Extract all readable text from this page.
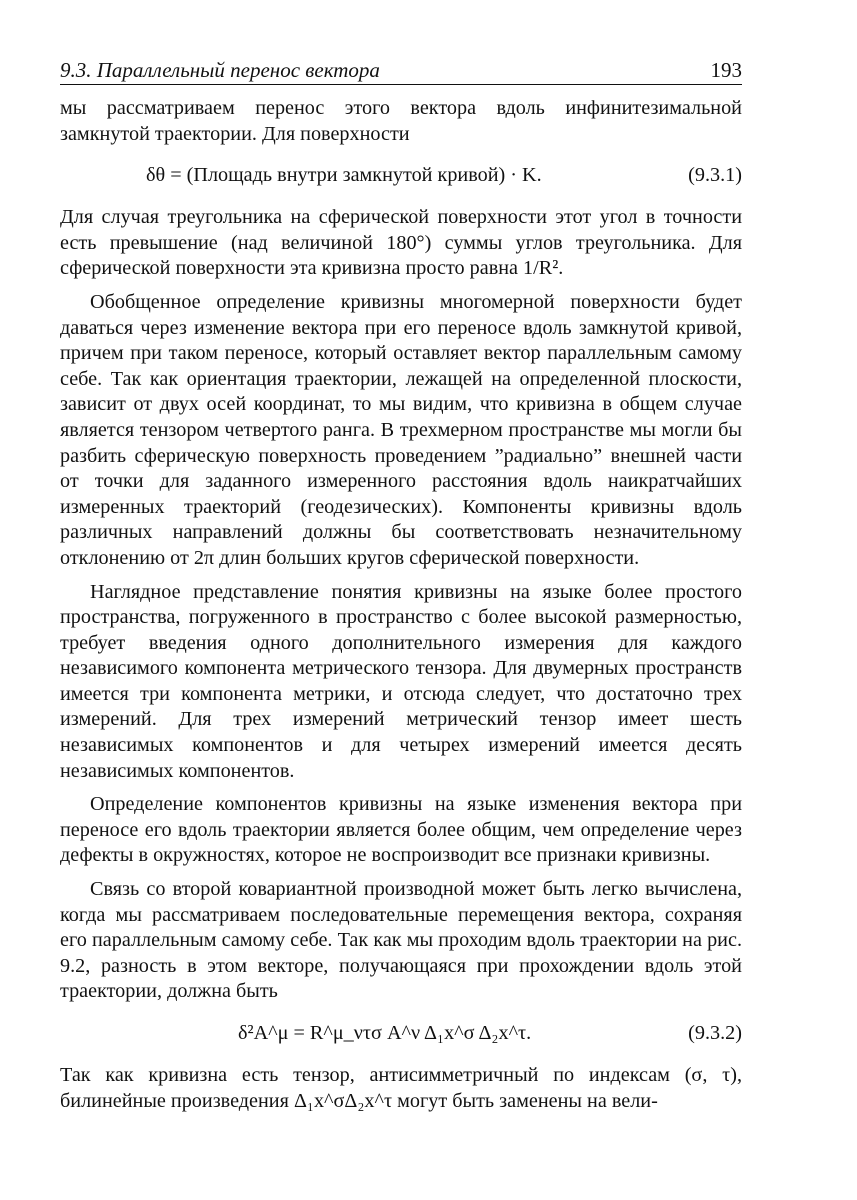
9.3. Параллельный перенос вектора	193

мы рассматриваем перенос этого вектора вдоль инфинитезимальной замкнутой траектории. Для поверхности

δθ = (Площадь внутри замкнутой кривой) · K.	(9.3.1)

Для случая треугольника на сферической поверхности этот угол в точности есть превышение (над величиной 180°) суммы углов треугольника. Для сферической поверхности эта кривизна просто равна 1/R².

Обобщенное определение кривизны многомерной поверхности будет даваться через изменение вектора при его переносе вдоль замкнутой кривой, причем при таком переносе, который оставляет вектор параллельным самому себе. Так как ориентация траектории, лежащей на определенной плоскости, зависит от двух осей координат, то мы видим, что кривизна в общем случае является тензором четвертого ранга. В трехмерном пространстве мы могли бы разбить сферическую поверхность проведением ”радиально” внешней части от точки для заданного измеренного расстояния вдоль наикратчайших измеренных траекторий (геодезических). Компоненты кривизны вдоль различных направлений должны бы соответствовать незначительному отклонению от 2π длин больших кругов сферической поверхности.

Наглядное представление понятия кривизны на языке более простого пространства, погруженного в пространство с более высокой размерностью, требует введения одного дополнительного измерения для каждого независимого компонента метрического тензора. Для двумерных пространств имеется три компонента метрики, и отсюда следует, что достаточно трех измерений. Для трех измерений метрический тензор имеет шесть независимых компонентов и для четырех измерений имеется десять независимых компонентов.

Определение компонентов кривизны на языке изменения вектора при переносе его вдоль траектории является более общим, чем определение через дефекты в окружностях, которое не воспроизводит все признаки кривизны.

Связь со второй ковариантной производной может быть легко вычислена, когда мы рассматриваем последовательные перемещения вектора, сохраняя его параллельным самому себе. Так как мы проходим вдоль траектории на рис. 9.2, разность в этом векторе, получающаяся при прохождении вдоль этой траектории, должна быть

δ²A^μ = R^μ_ντσ A^ν Δ₁x^σ Δ₂x^τ.	(9.3.2)

Так как кривизна есть тензор, антисимметричный по индексам (σ, τ), билинейные произведения Δ₁x^σΔ₂x^τ могут быть заменены на вели-
